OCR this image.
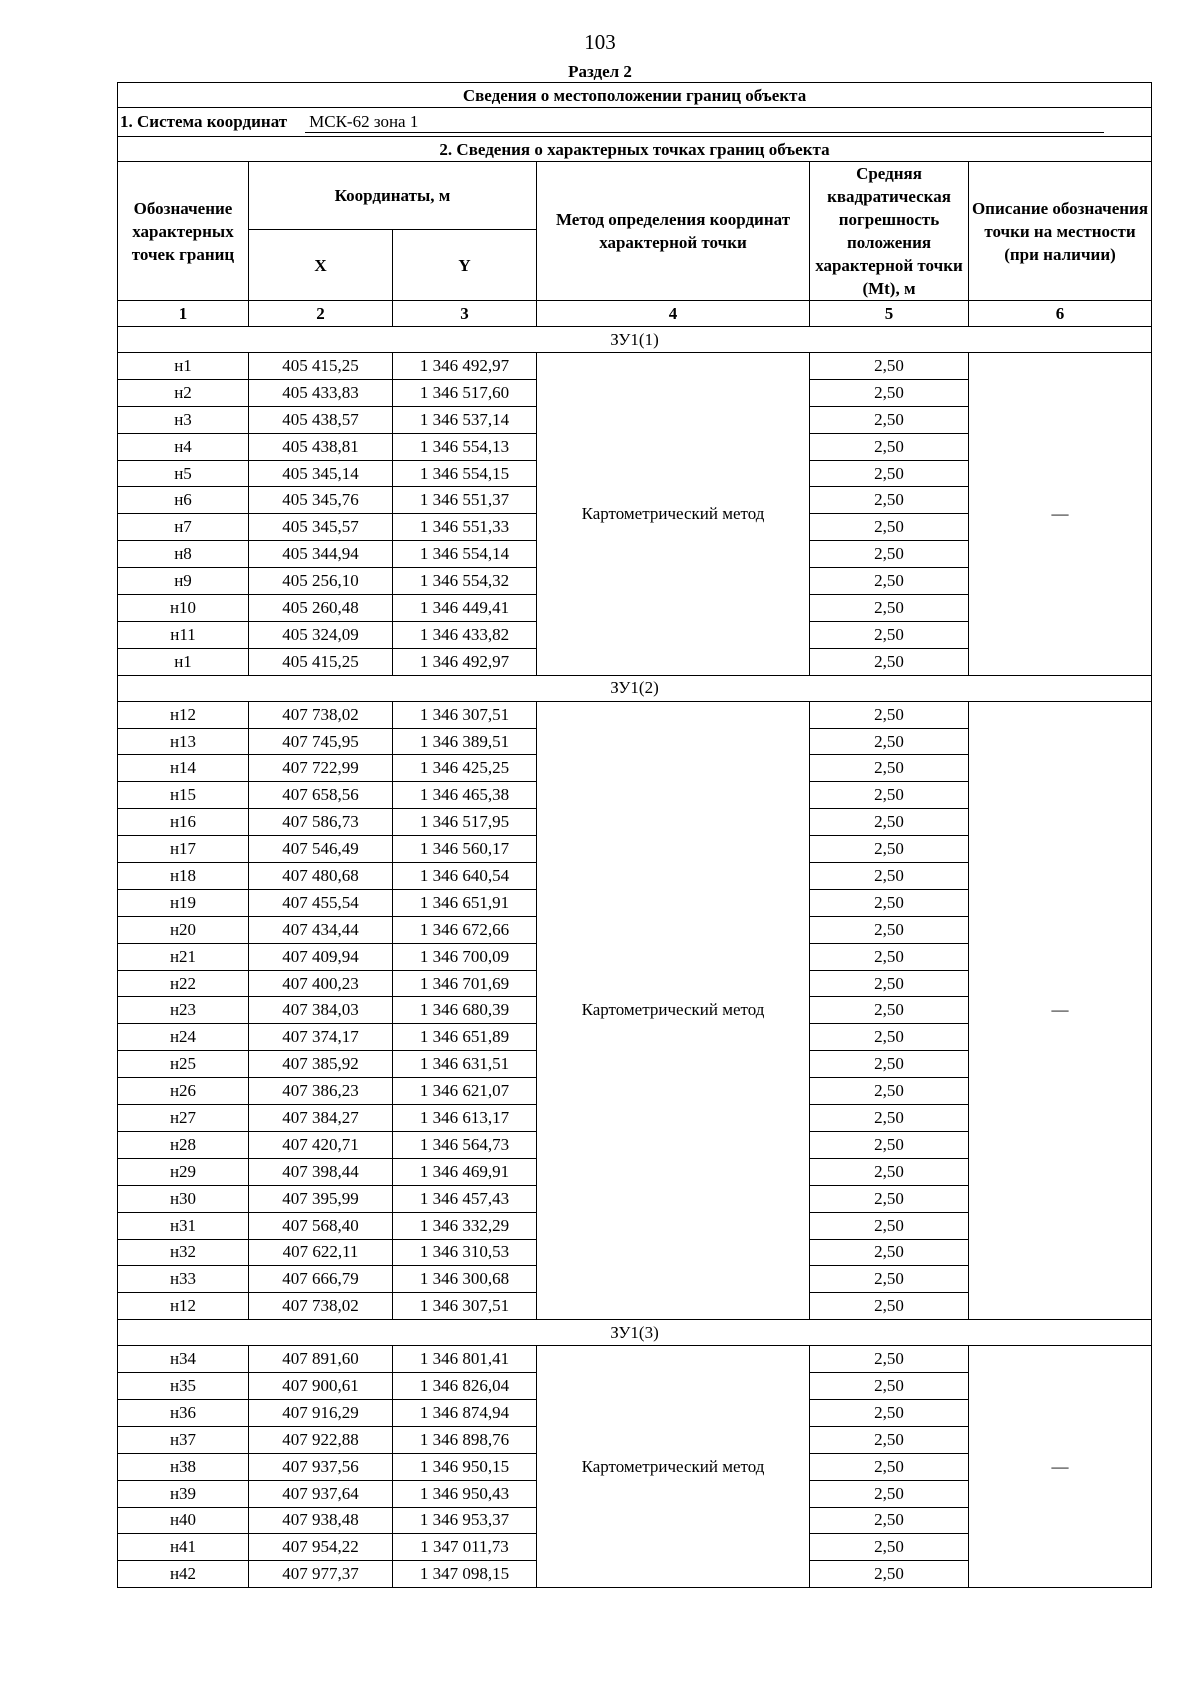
103
Раздел 2
Сведения о местоположении границ объекта					
1. Система координат МСК-62 зона 1					
2. Сведения о характерных точках границ объекта					
Обозначение характерных точек границ	Координаты, м		Метод определения координат характерной точки	Средняя квадратическая погрешность положения характерной точки (Mt), м	Описание обозначения точки на местности (при наличии)
	X	Y			
1	2	3	4	5	6
ЗУ1(1)					
н1	405 415,25	1 346 492,97	Картометрический метод	2,50	—
н2	405 433,83	1 346 517,60		2,50	
н3	405 438,57	1 346 537,14		2,50	
н4	405 438,81	1 346 554,13		2,50	
н5	405 345,14	1 346 554,15		2,50	
н6	405 345,76	1 346 551,37		2,50	
н7	405 345,57	1 346 551,33		2,50	
н8	405 344,94	1 346 554,14		2,50	
н9	405 256,10	1 346 554,32		2,50	
н10	405 260,48	1 346 449,41		2,50	
н11	405 324,09	1 346 433,82		2,50	
н1	405 415,25	1 346 492,97		2,50	
ЗУ1(2)					
н12	407 738,02	1 346 307,51	Картометрический метод	2,50	—
н13	407 745,95	1 346 389,51		2,50	
н14	407 722,99	1 346 425,25		2,50	
н15	407 658,56	1 346 465,38		2,50	
н16	407 586,73	1 346 517,95		2,50	
н17	407 546,49	1 346 560,17		2,50	
н18	407 480,68	1 346 640,54		2,50	
н19	407 455,54	1 346 651,91		2,50	
н20	407 434,44	1 346 672,66		2,50	
н21	407 409,94	1 346 700,09		2,50	
н22	407 400,23	1 346 701,69		2,50	
н23	407 384,03	1 346 680,39		2,50	
н24	407 374,17	1 346 651,89		2,50	
н25	407 385,92	1 346 631,51		2,50	
н26	407 386,23	1 346 621,07		2,50	
н27	407 384,27	1 346 613,17		2,50	
н28	407 420,71	1 346 564,73		2,50	
н29	407 398,44	1 346 469,91		2,50	
н30	407 395,99	1 346 457,43		2,50	
н31	407 568,40	1 346 332,29		2,50	
н32	407 622,11	1 346 310,53		2,50	
н33	407 666,79	1 346 300,68		2,50	
н12	407 738,02	1 346 307,51		2,50	
ЗУ1(3)					
н34	407 891,60	1 346 801,41	Картометрический метод	2,50	—
н35	407 900,61	1 346 826,04		2,50	
н36	407 916,29	1 346 874,94		2,50	
н37	407 922,88	1 346 898,76		2,50	
н38	407 937,56	1 346 950,15		2,50	
н39	407 937,64	1 346 950,43		2,50	
н40	407 938,48	1 346 953,37		2,50	
н41	407 954,22	1 347 011,73		2,50	
н42	407 977,37	1 347 098,15		2,50	
